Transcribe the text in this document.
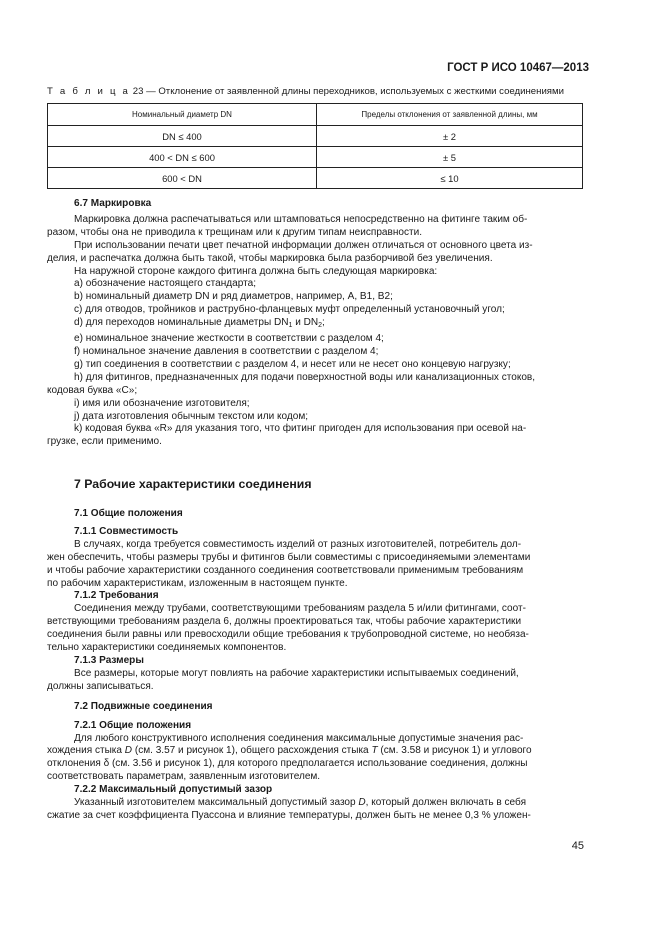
ГОСТ Р ИСО 10467—2013
Т а б л и ц а 23 — Отклонение от заявленной длины переходников, используемых с жесткими соединениями
Номинальный диаметр DN	Пределы отклонения от заявленной длины, мм
DN ≤ 400	± 2
400 < DN ≤ 600	± 5
600 < DN	≤ 10

6.7 Маркировка

Маркировка должна распечатываться или штамповаться непосредственно на фитинге таким об-

разом, чтобы она не приводила к трещинам или к другим типам неисправности.

При использовании печати цвет печатной информации должен отличаться от основного цвета из-

делия, и распечатка должна быть такой, чтобы маркировка была разборчивой без увеличения.

На наружной стороне каждого фитинга должна быть следующая маркировка:

a) обозначение настоящего стандарта;

b) номинальный диаметр DN и ряд диаметров, например, A, B1, B2;

c) для отводов, тройников и раструбно-фланцевых муфт определенный установочный угол;

d) для переходов номинальные диаметры $DN_1$ и $DN_2$;

e) номинальное значение жесткости в соответствии с разделом 4;

f) номинальное значение давления в соответствии с разделом 4;

g) тип соединения в соответствии с разделом 4, и несет или не несет оно концевую нагрузку;

h) для фитингов, предназначенных для подачи поверхностной воды или канализационных стоков,

кодовая буква «С»;

i) имя или обозначение изготовителя;

j) дата изготовления обычным текстом или кодом;

k) кодовая буква «R» для указания того, что фитинг пригоден для использования при осевой на-

грузке, если применимо.

7 Рабочие характеристики соединения

7.1 Общие положения

7.1.1 Совместимость

В случаях, когда требуется совместимость изделий от разных изготовителей, потребитель дол-

жен обеспечить, чтобы размеры трубы и фитингов были совместимы с присоединяемыми элементами

и чтобы рабочие характеристики созданного соединения соответствовали применимым требованиям

по рабочим характеристикам, изложенным в настоящем пункте.

7.1.2 Требования

Соединения между трубами, соответствующими требованиям раздела 5 и/или фитингами, соот-

ветствующими требованиям раздела 6, должны проектироваться так, чтобы рабочие характеристики

соединения были равны или превосходили общие требования к трубопроводной системе, но необяза-

тельно характеристики соединяемых компонентов.

7.1.3 Размеры

Все размеры, которые могут повлиять на рабочие характеристики испытываемых соединений,

должны записываться.

7.2 Подвижные соединения

7.2.1 Общие положения

Для любого конструктивного исполнения соединения максимальные допустимые значения рас-

хождения стыка D (см. 3.57 и рисунок 1), общего расхождения стыка T (см. 3.58 и рисунок 1) и углового

отклонения δ (см. 3.56 и рисунок 1), для которого предполагается использование соединения, должны

соответствовать параметрам, заявленным изготовителем.

7.2.2 Максимальный допустимый зазор

Указанный изготовителем максимальный допустимый зазор D, который должен включать в себя

сжатие за счет коэффициента Пуассона и влияние температуры, должен быть не менее 0,3 % уложен-

45
